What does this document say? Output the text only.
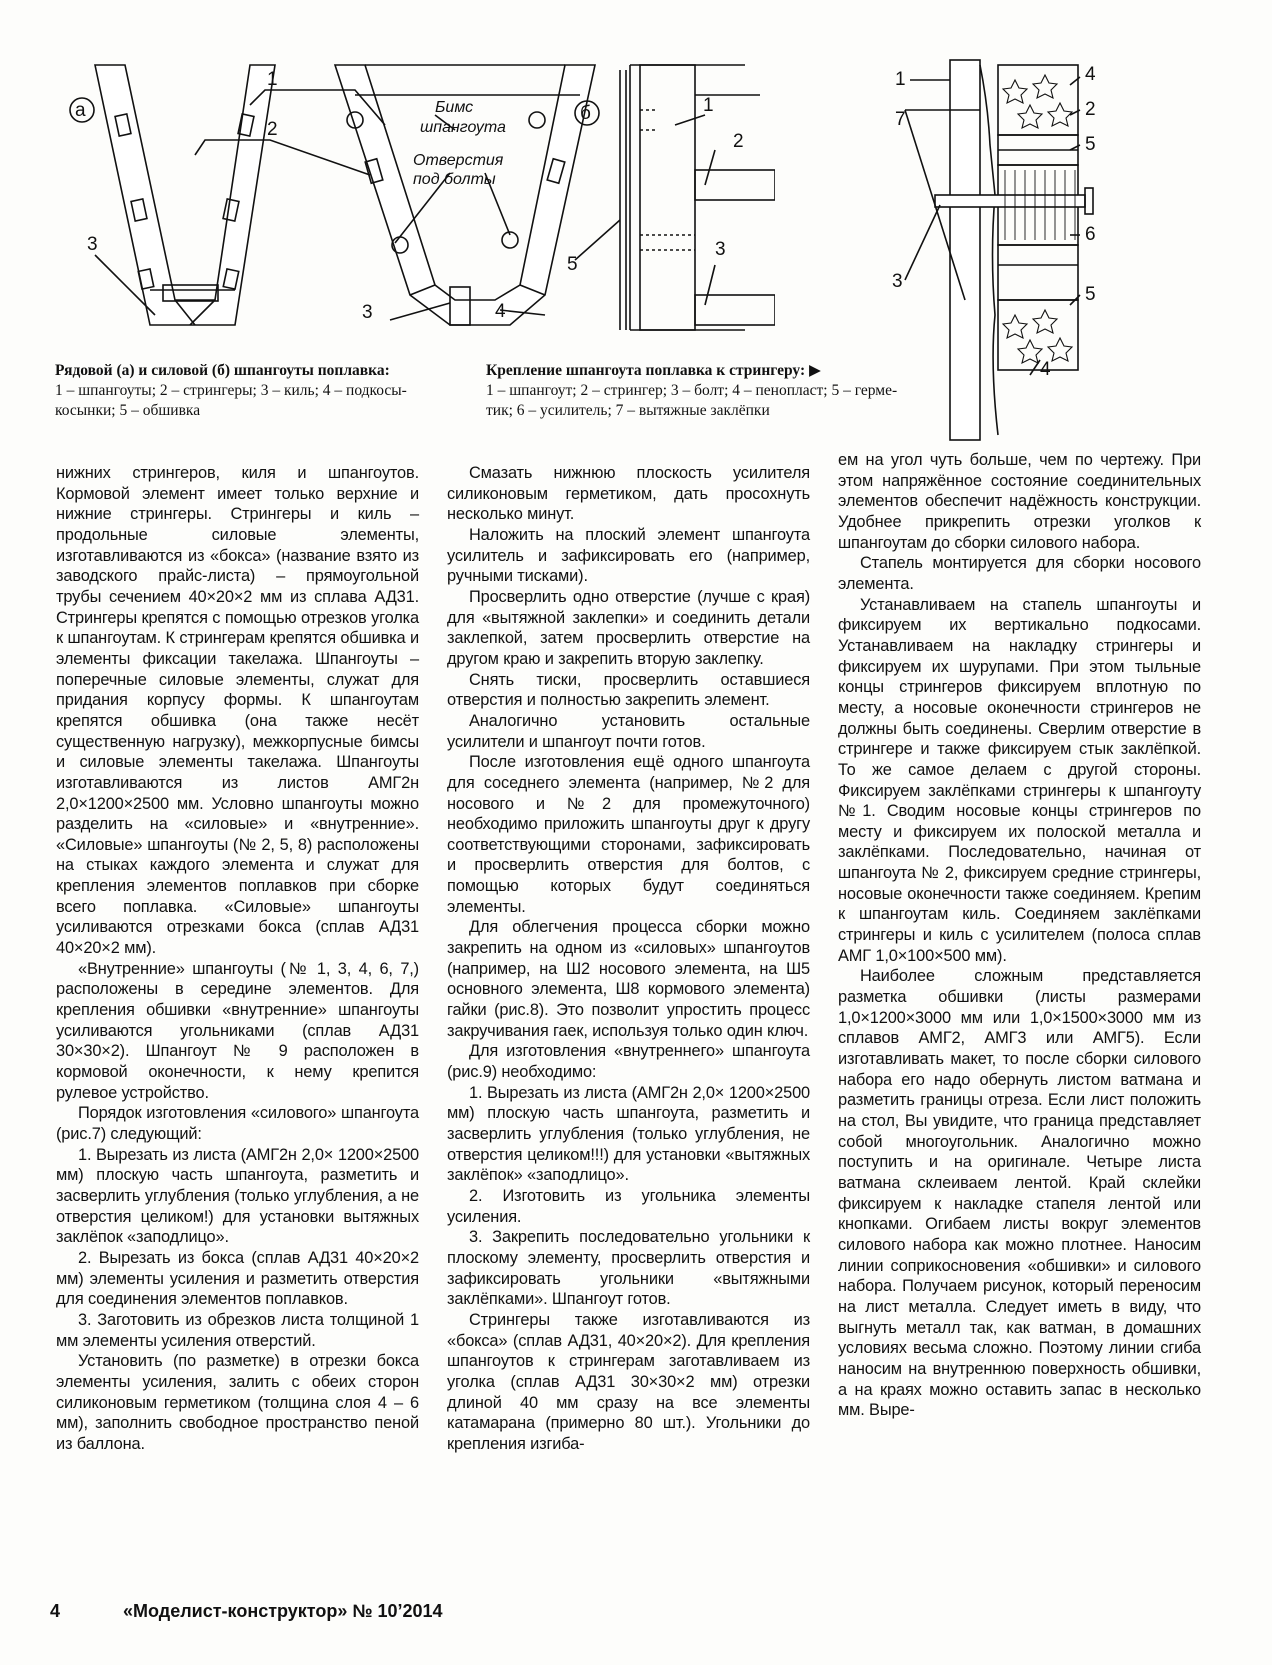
а	б
1
2
3
3	4
Бимс
шпангоута
Отверстия
под болты
1
2
3
5
1
7
3
4
2
5
6
5
4
Рядовой (а) и силовой (б) шпангоуты поплавка:
1 – шпангоуты; 2 – стрингеры; 3 – киль; 4 – подкосы-
косынки; 5 – обшивка
Крепление шпангоута поплавка к стрингеру: ▶
1 – шпангоут; 2 – стрингер; 3 – болт; 4 – пенопласт; 5 – герме-
тик; 6 – усилитель; 7 – вытяжные заклёпки

нижних стрингеров, киля и шпангоутов. Кормовой элемент имеет только верхние и нижние стрингеры. Стрингеры и киль – продольные силовые элементы, изготавливаются из «бокса» (название взято из заводского прайс-листа) – прямоугольной трубы сечением 40×20×2 мм из сплава АД31. Стрингеры крепятся с помощью отрезков уголка к шпангоутам. К стрингерам крепятся обшивка и элементы фиксации такелажа. Шпангоуты – поперечные силовые элементы, служат для придания корпусу формы. К шпангоутам крепятся обшивка (она также несёт существенную нагрузку), межкорпусные бимсы и силовые элементы такелажа. Шпангоуты изготавливаются из листов АМГ2н 2,0×1200×2500 мм. Условно шпангоуты можно разделить на «силовые» и «внутренние». «Силовые» шпангоуты (№ 2, 5, 8) расположены на стыках каждого элемента и служат для крепления элементов поплавков при сборке всего поплавка. «Силовые» шпангоуты усиливаются отрезками бокса (сплав АД31 40×20×2 мм).

«Внутренние» шпангоуты (№ 1, 3, 4, 6, 7,) расположены в середине элементов. Для крепления обшивки «внутренние» шпангоуты усиливаются угольниками (сплав АД31 30×30×2). Шпангоут № 9 расположен в кормовой оконечности, к нему крепится рулевое устройство.

Порядок изготовления «силового» шпангоута (рис.7) следующий:

1. Вырезать из листа (АМГ2н 2,0× 1200×2500 мм) плоскую часть шпангоута, разметить и засверлить углубления (только углубления, а не отверстия целиком!) для установки вытяжных заклёпок «заподлицо».

2. Вырезать из бокса (сплав АД31 40×20×2 мм) элементы усиления и разметить отверстия для соединения элементов поплавков.

3. Заготовить из обрезков листа толщиной 1 мм элементы усиления отверстий.

Установить (по разметке) в отрезки бокса элементы усиления, залить с обеих сторон силиконовым герметиком (толщина слоя 4 – 6 мм), заполнить свободное пространство пеной из баллона.

Смазать нижнюю плоскость усилителя силиконовым герметиком, дать просохнуть несколько минут.

Наложить на плоский элемент шпангоута усилитель и зафиксировать его (например, ручными тисками).

Просверлить одно отверстие (лучше с края) для «вытяжной заклепки» и соединить детали заклепкой, затем просверлить отверстие на другом краю и закрепить вторую заклепку.

Снять тиски, просверлить оставшиеся отверстия и полностью закрепить элемент.

Аналогично установить остальные усилители и шпангоут почти готов.

После изготовления ещё одного шпангоута для соседнего элемента (например, №2 для носового и №2 для промежуточного) необходимо приложить шпангоуты друг к другу соответствующими сторонами, зафиксировать и просверлить отверстия для болтов, с помощью которых будут соединяться элементы.

Для облегчения процесса сборки можно закрепить на одном из «силовых» шпангоутов (например, на Ш2 носового элемента, на Ш5 основного элемента, Ш8 кормового элемента) гайки (рис.8). Это позволит упростить процесс закручивания гаек, используя только один ключ.

Для изготовления «внутреннего» шпангоута (рис.9) необходимо:

1. Вырезать из листа (АМГ2н 2,0× 1200×2500 мм) плоскую часть шпангоута, разметить и засверлить углубления (только углубления, не отверстия целиком!!!) для установки «вытяжных заклёпок» «заподлицо».

2. Изготовить из угольника элементы усиления.

3. Закрепить последовательно угольники к плоскому элементу, просверлить отверстия и зафиксировать угольники «вытяжными заклёпками». Шпангоут готов.

Стрингеры также изготавливаются из «бокса» (сплав АД31, 40×20×2). Для крепления шпангоутов к стрингерам заготавливаем из уголка (сплав АД31 30×30×2 мм) отрезки длиной 40 мм сразу на все элементы катамарана (примерно 80 шт.). Угольники до крепления изгиба-

ем на угол чуть больше, чем по чертежу. При этом напряжённое состояние соединительных элементов обеспечит надёжность конструкции. Удобнее прикрепить отрезки уголков к шпангоутам до сборки силового набора.

Стапель монтируется для сборки носового элемента.

Устанавливаем на стапель шпангоуты и фиксируем их вертикально подкосами. Устанавливаем на накладку стрингеры и фиксируем их шурупами. При этом тыльные концы стрингеров фиксируем вплотную по месту, а носовые оконечности стрингеров не должны быть соединены. Сверлим отверстие в стрингере и также фиксируем стык заклёпкой. То же самое делаем с другой стороны. Фиксируем заклёпками стрингеры к шпангоуту №1. Сводим носовые концы стрингеров по месту и фиксируем их полоской металла и заклёпками. Последовательно, начиная от шпангоута № 2, фиксируем средние стрингеры, носовые оконечности также соединяем. Крепим к шпангоутам киль. Соединяем заклёпками стрингеры и киль с усилителем (полоса сплав АМГ 1,0×100×500 мм).

Наиболее сложным представляется разметка обшивки (листы размерами 1,0×1200×3000 мм или 1,0×1500×3000 мм из сплавов АМГ2, АМГ3 или АМГ5). Если изготавливать макет, то после сборки силового набора его надо обернуть листом ватмана и разметить границы отреза. Если лист положить на стол, Вы увидите, что граница представляет собой многоугольник. Аналогично можно поступить и на оригинале. Четыре листа ватмана склеиваем лентой. Край склейки фиксируем к накладке стапеля лентой или кнопками. Огибаем листы вокруг элементов силового набора как можно плотнее. Наносим линии соприкосновения «обшивки» и силового набора. Получаем рисунок, который переносим на лист металла. Следует иметь в виду, что выгнуть металл так, как ватман, в домашних условиях весьма сложно. Поэтому линии сгиба наносим на внутреннюю поверхность обшивки, а на краях можно оставить запас в несколько мм. Выре-

4	«Моделист-конструктор» № 10’2014
